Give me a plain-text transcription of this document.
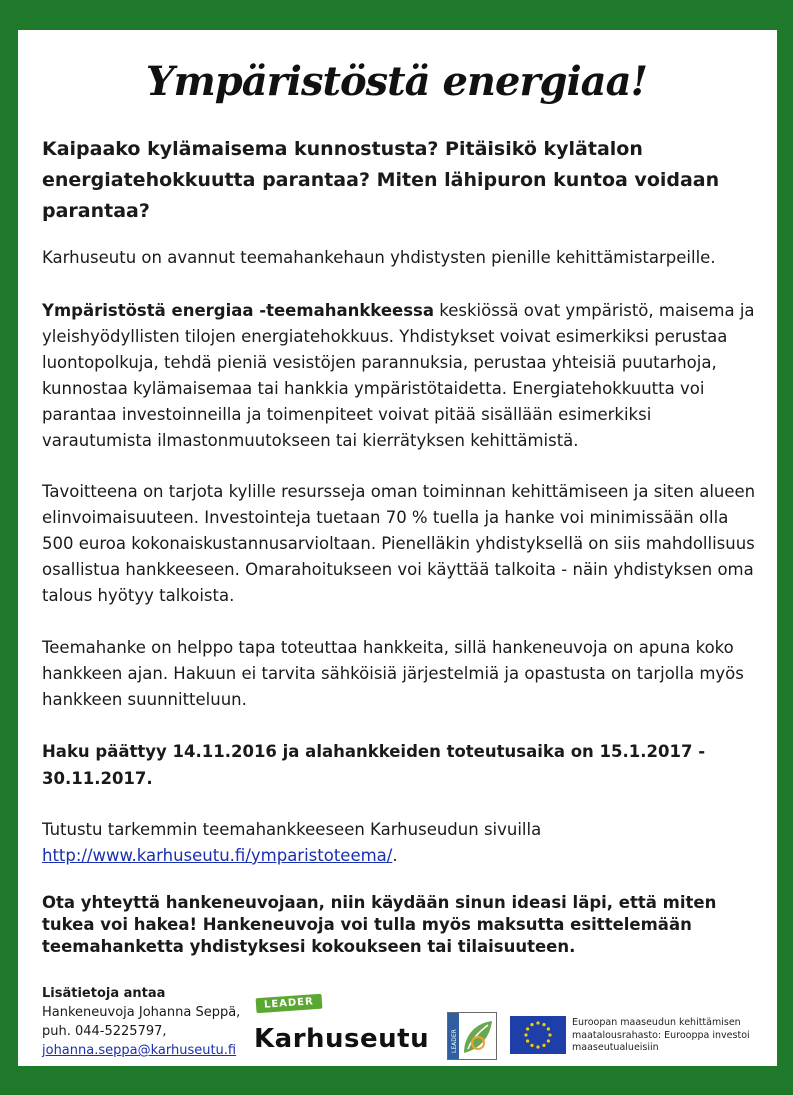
Ympäristöstä energiaa!
Kaipaako kylämaisema kunnostusta? Pitäisikö kylätalon energiatehokkuutta parantaa? Miten lähipuron kuntoa voidaan parantaa?
Karhuseutu on avannut teemahankehaun yhdistysten pienille kehittämistarpeille.
Ympäristöstä energiaa -teemahankkeessa keskiössä ovat ympäristö, maisema ja yleishyödyllisten tilojen energiatehokkuus. Yhdistykset voivat esimerkiksi perustaa luontopolkuja, tehdä pieniä vesistöjen parannuksia, perustaa yhteisiä puutarhoja, kunnostaa kylämaisemaa tai hankkia ympäristötaidetta. Energiatehokkuutta voi parantaa investoinneilla ja toimenpiteet voivat pitää sisällään esimerkiksi varautumista ilmastonmuutokseen tai kierrätyksen kehittämistä.
Tavoitteena on tarjota kylille resursseja oman toiminnan kehittämiseen ja siten alueen elinvoimaisuuteen. Investointeja tuetaan 70 % tuella ja hanke voi minimissään olla 500 euroa kokonaiskustannusarvioltaan. Pienelläkin yhdistyksellä on siis mahdollisuus osallistua hankkeeseen. Omarahoitukseen voi käyttää talkoita - näin yhdistyksen oma talous hyötyy talkoista.
Teemahanke on helppo tapa toteuttaa hankkeita, sillä hankeneuvoja on apuna koko hankkeen ajan. Hakuun ei tarvita sähköisiä järjestelmiä ja opastusta on tarjolla myös hankkeen suunnitteluun.
Haku päättyy 14.11.2016 ja alahankkeiden toteutusaika on 15.1.2017 - 30.11.2017.
Tutustu tarkemmin teemahankkeeseen Karhuseudun sivuilla
http://www.karhuseutu.fi/ymparistoteema/.
Ota yhteyttä hankeneuvojaan, niin käydään sinun ideasi läpi, että miten tukea voi hakea! Hankeneuvoja voi tulla myös maksutta esittelemään teemahanketta yhdistyksesi kokoukseen tai tilaisuuteen.
Lisätietoja antaa
Hankeneuvoja Johanna Seppä,
puh. 044-5225797,
johanna.seppa@karhuseutu.fi
LEADER
Karhuseutu	LEADER
Euroopan maaseudun kehittämisen maatalousrahasto: Eurooppa investoi maaseutualueisiin
